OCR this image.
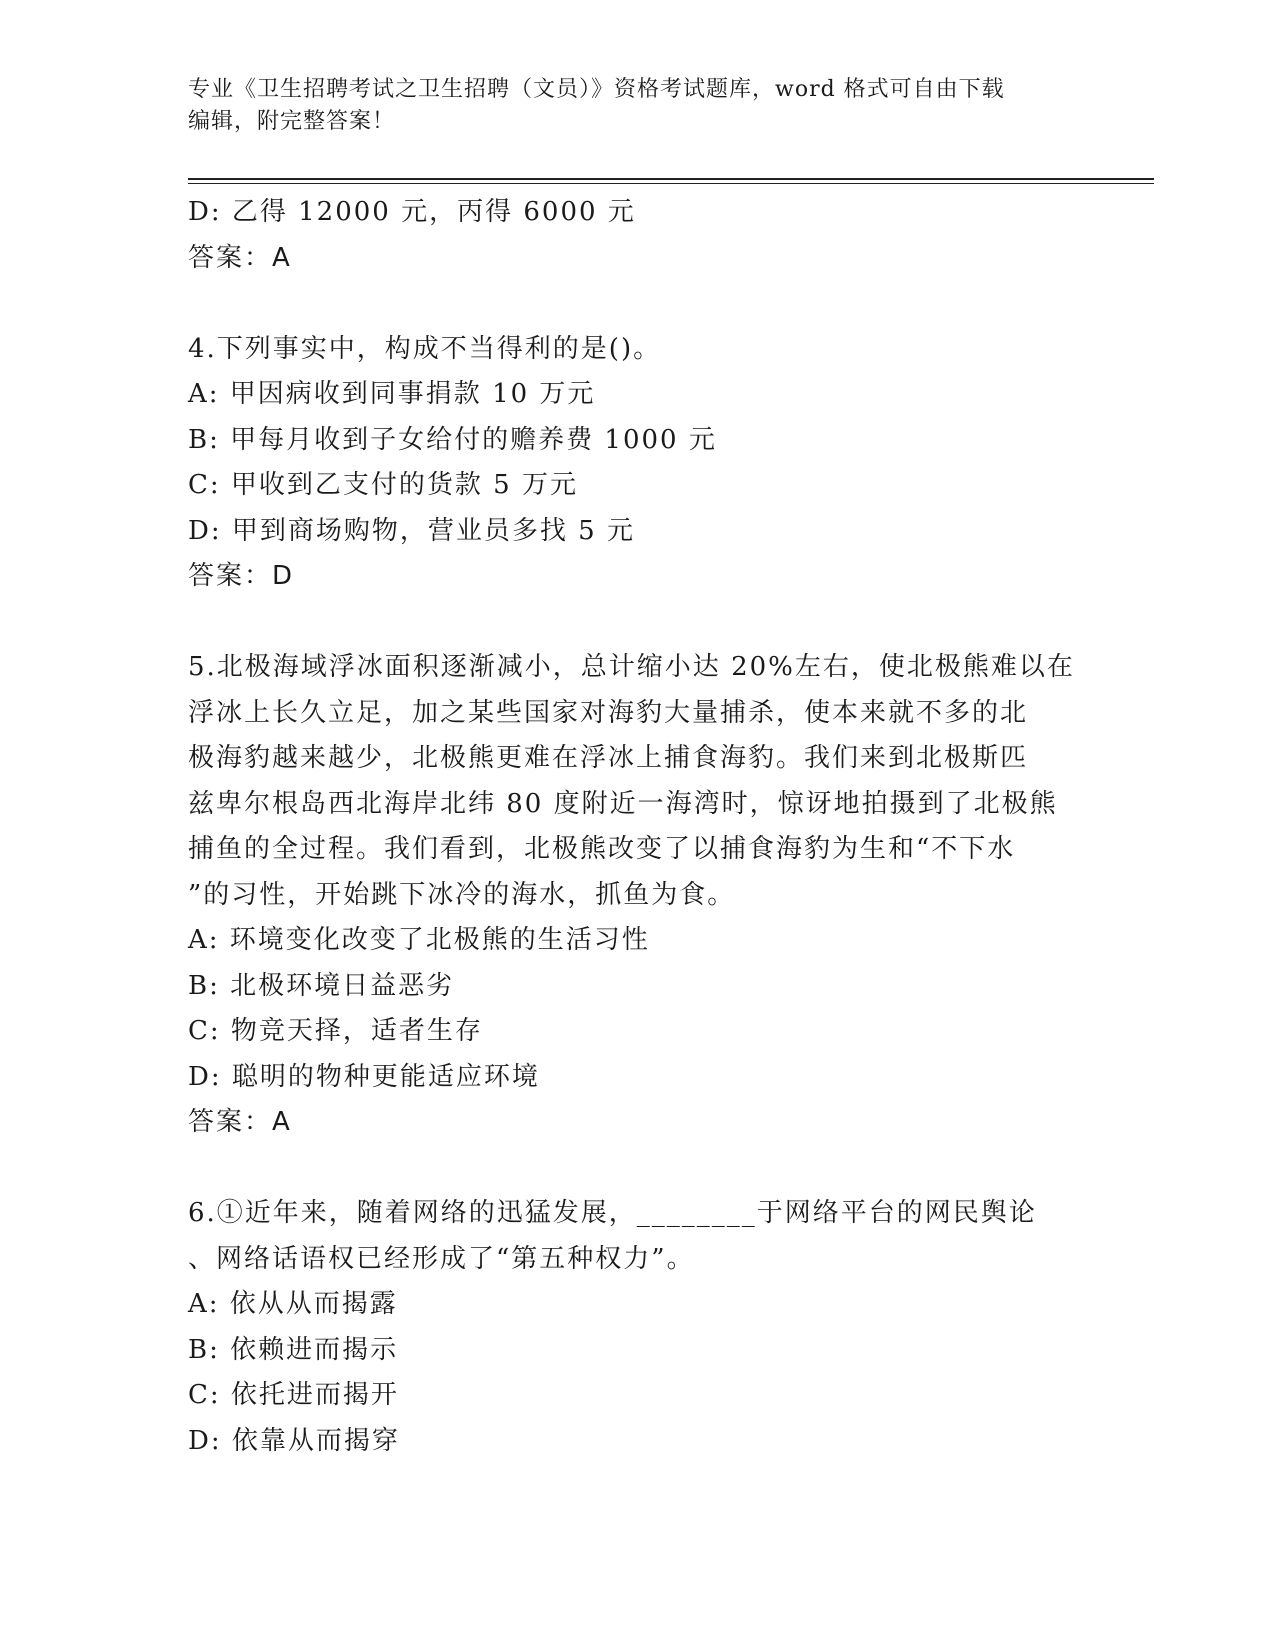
专业《卫生招聘考试之卫生招聘（文员）》资格考试题库，word 格式可自由下载
编辑，附完整答案！
D: 乙得 12000 元，丙得 6000 元
答案：A
4.下列事实中，构成不当得利的是()。
A: 甲因病收到同事捐款 10 万元
B: 甲每月收到子女给付的赡养费 1000 元
C: 甲收到乙支付的货款 5 万元
D: 甲到商场购物，营业员多找 5 元
答案：D
5.北极海域浮冰面积逐渐减小，总计缩小达 20%左右，使北极熊难以在
浮冰上长久立足，加之某些国家对海豹大量捕杀，使本来就不多的北
极海豹越来越少，北极熊更难在浮冰上捕食海豹。我们来到北极斯匹
兹卑尔根岛西北海岸北纬 80 度附近一海湾时，惊讶地拍摄到了北极熊
捕鱼的全过程。我们看到，北极熊改变了以捕食海豹为生和“不下水
”的习性，开始跳下冰冷的海水，抓鱼为食。
A: 环境变化改变了北极熊的生活习性
B: 北极环境日益恶劣
C: 物竞天择，适者生存
D: 聪明的物种更能适应环境
答案：A
6.①近年来，随着网络的迅猛发展，________于网络平台的网民舆论
、网络话语权已经形成了“第五种权力”。
A: 依从从而揭露
B: 依赖进而揭示
C: 依托进而揭开
D: 依靠从而揭穿
